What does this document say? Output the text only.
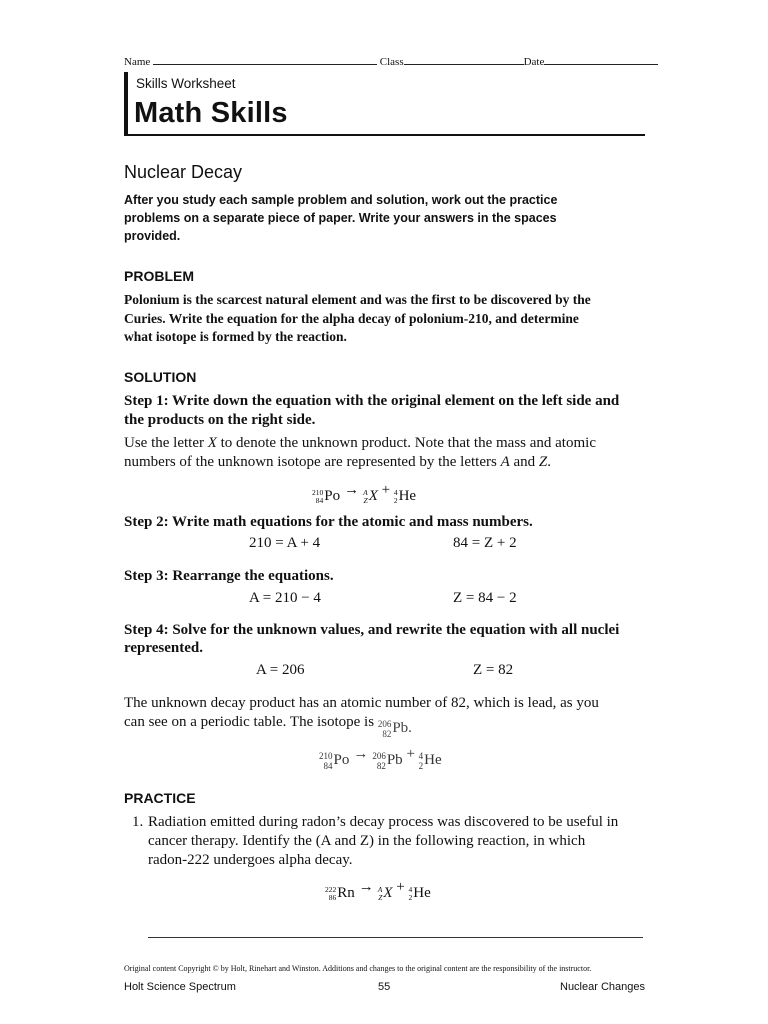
Name	Class	Date
Skills Worksheet
Math Skills
Nuclear Decay
After you study each sample problem and solution, work out the practice
problems on a separate piece of paper. Write your answers in the spaces
provided.
PROBLEM
Polonium is the scarcest natural element and was the first to be discovered by the
Curies. Write the equation for the alpha decay of polonium-210, and determine
what isotope is formed by the reaction.
SOLUTION
Step 1: Write down the equation with the original element on the left side and
the products on the right side.
Use the letter X to denote the unknown product. Note that the mass and atomic
numbers of the unknown isotope are represented by the letters A and Z.
210
84 Po → A
Z X + 4
2 He
Step 2: Write math equations for the atomic and mass numbers.
210 = A + 4	84 = Z + 2
Step 3: Rearrange the equations.
A = 210 − 4	Z = 84 − 2
Step 4: Solve for the unknown values, and rewrite the equation with all nuclei
represented.
A = 206	Z = 82
The unknown decay product has an atomic number of 82, which is lead, as you
can see on a periodic table. The isotope is 206
82 Pb .
210
84 Po → 206
82 Pb + 4
2 He
PRACTICE
1. Radiation emitted during radon’s decay process was discovered to be useful in
cancer therapy. Identify the (A and Z) in the following reaction, in which
radon-222 undergoes alpha decay.
222
86 Rn → A
Z X + 4
2 He
Original content Copyright © by Holt, Rinehart and Winston. Additions and changes to the original content are the responsibility of the instructor.
Holt Science Spectrum	55	Nuclear Changes
